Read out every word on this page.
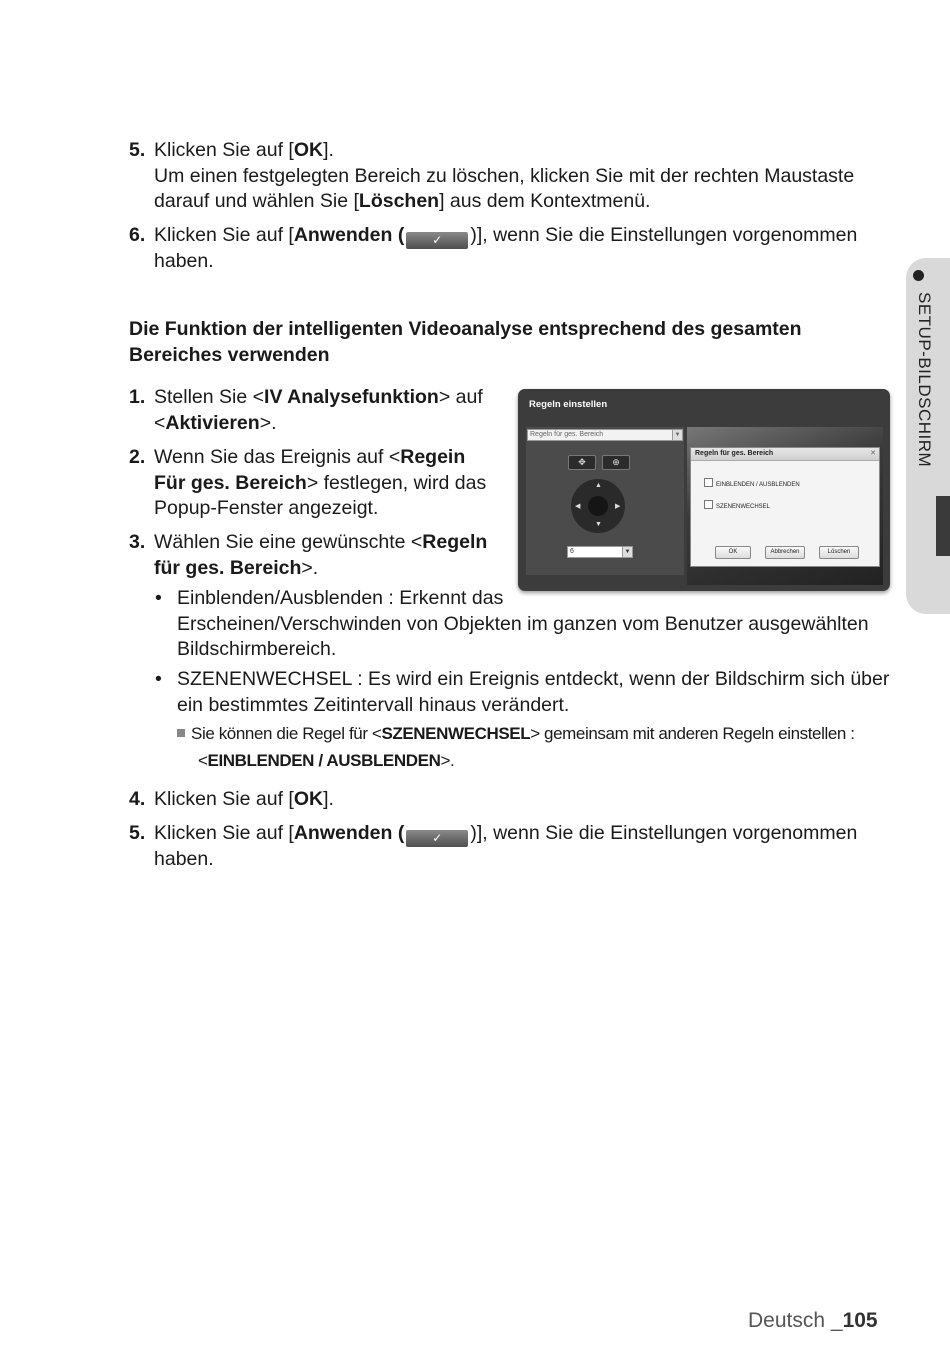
5. Klicken Sie auf [OK].
Um einen festgelegten Bereich zu löschen, klicken Sie mit der rechten Maustaste
darauf und wählen Sie [Löschen] aus dem Kontextmenü.
6. Klicken Sie auf [Anwenden ( ✓ )], wenn Sie die Einstellungen vorgenommen
haben.
Die Funktion der intelligenten Videoanalyse entsprechend des gesamten Bereiches verwenden
1. Stellen Sie <IV Analysefunktion> auf
<Aktivieren>.
2. Wenn Sie das Ereignis auf <Regein
Für ges. Bereich> festlegen, wird das
Popup-Fenster angezeigt.
3. Wählen Sie eine gewünschte <Regeln
für ges. Bereich>.
• Einblenden/Ausblenden : Erkennt das
Erscheinen/Verschwinden von Objekten im ganzen vom Benutzer ausgewählten
Bildschirmbereich.
• SZENENWECHSEL : Es wird ein Ereignis entdeckt, wenn der Bildschirm sich über
ein bestimmtes Zeitintervall hinaus verändert.
Sie können die Regel für <SZENENWECHSEL> gemeinsam mit anderen Regeln einstellen :
<EINBLENDEN / AUSBLENDEN>.
4. Klicken Sie auf [OK].
5. Klicken Sie auf [Anwenden ( ✓ )], wenn Sie die Einstellungen vorgenommen
haben.
SETUP-BILDSCHIRM
Regeln einstellen
Regeln für ges. Bereich	▼
✥	⊕
▲
▼
◀	▶
6	▼
Regeln für ges. Bereich	✕
EINBLENDEN / AUSBLENDEN
SZENENWECHSEL
OK	Abbrechen	Löschen
Deutsch _105
